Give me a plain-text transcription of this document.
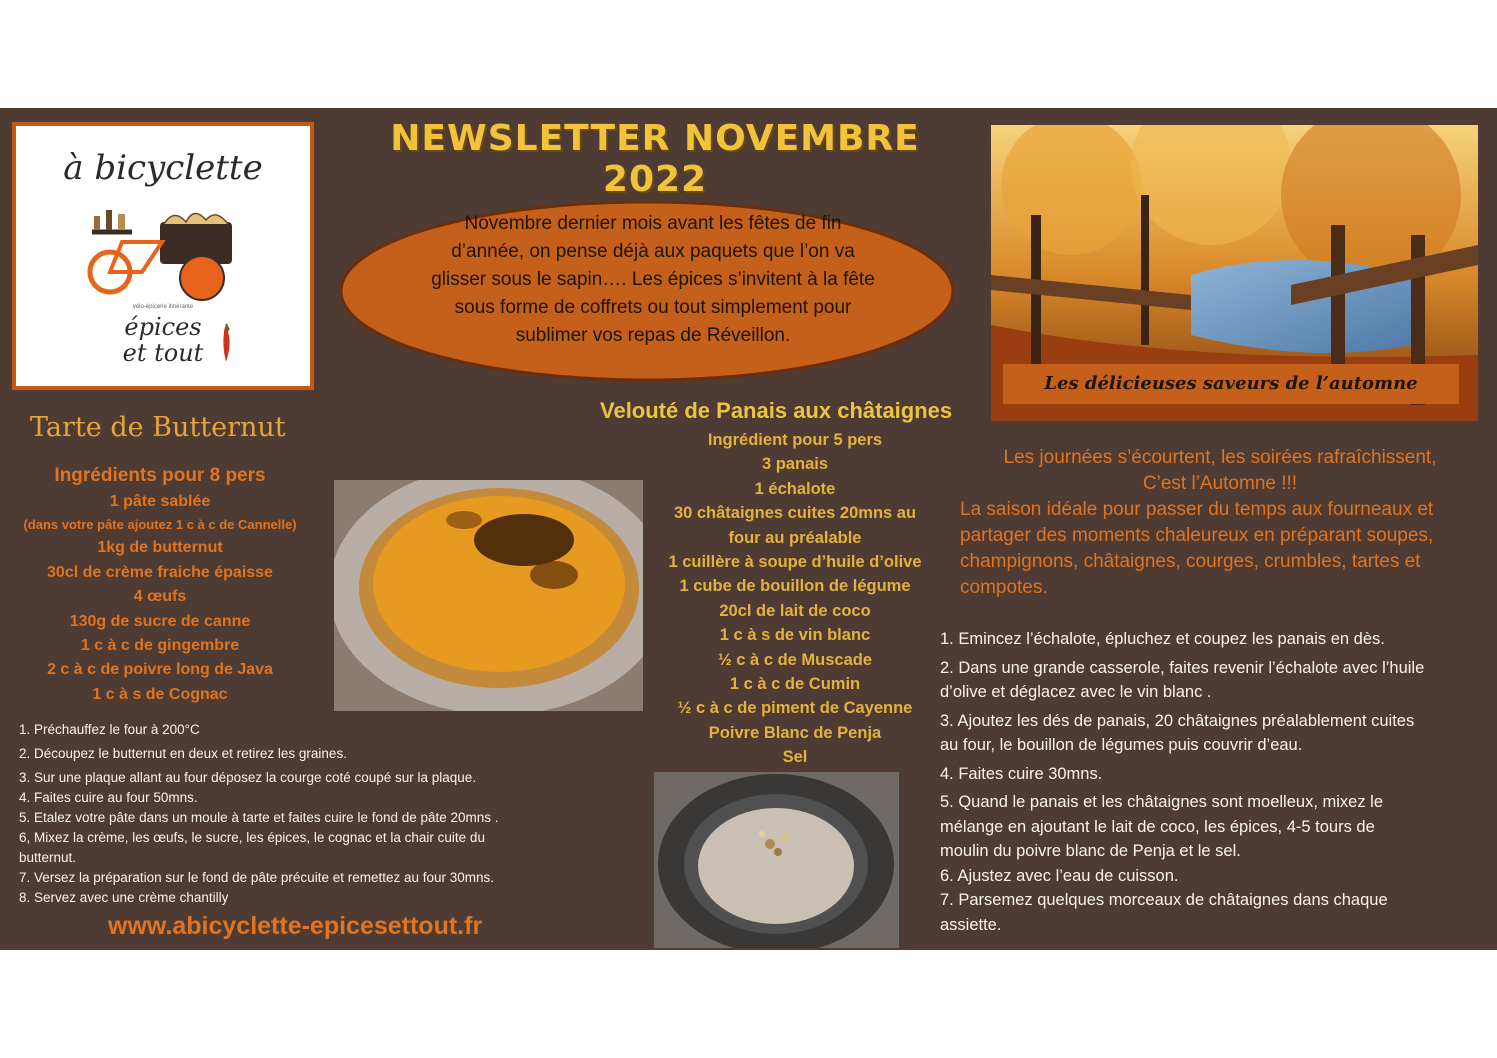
à bicyclette
vélo-épicerie itinérante
épices
et tout
NEWSLETTER NOVEMBRE 2022
Novembre dernier mois avant les fêtes de fin
d’année, on pense déjà aux paquets que l’on va
glisser sous le sapin…. Les épices s’invitent à la fête
sous forme de coffrets ou tout simplement pour
sublimer vos repas de Réveillon.
Les délicieuses saveurs de l’automne
Tarte de Butternut
Ingrédients pour 8 pers
1 pâte sablée
(dans votre pâte ajoutez 1 c à c de Cannelle)
1kg de butternut
30cl de crème fraiche épaisse
4 œufs
130g de sucre de canne
1 c à c de gingembre
2 c à c de poivre long de Java
1 c à s de Cognac
1. Préchauffez le four à 200°C
2. Découpez le butternut en deux et retirez les graines.
3. Sur une plaque allant au four déposez la courge coté coupé sur la plaque.
4. Faites cuire au four 50mns.
5. Etalez votre pâte dans un moule à tarte et faites cuire le fond de pâte 20mns .
6, Mixez la crème, les œufs, le sucre, les épices, le cognac et la chair cuite du
butternut.
7. Versez la préparation sur le fond de pâte précuite et remettez au four 30mns.
8. Servez avec une crème chantilly
www.abicyclette-epicesettout.fr
Velouté de Panais aux châtaignes
Ingrédient pour 5 pers
3 panais
1 échalote
30 châtaignes cuites 20mns au
four au préalable
1 cuillère à soupe d’huile d’olive
1 cube de bouillon de légume
20cl de lait de coco
1 c à s de vin blanc
½ c à c de Muscade
1 c à c de Cumin
½ c à c de piment de Cayenne
Poivre Blanc de Penja
Sel
Les journées s’écourtent, les soirées rafraîchissent,
C’est l’Automne !!!
La saison idéale pour passer du temps aux fourneaux et
partager des moments chaleureux en préparant soupes,
champignons, châtaignes, courges, crumbles, tartes et
compotes.
1. Emincez l’échalote, épluchez et coupez les panais en dès.
2. Dans une grande casserole, faites revenir l’échalote avec l’huile
d’olive et déglacez avec le vin blanc .
3. Ajoutez les dés de panais, 20 châtaignes préalablement cuites
au four, le bouillon de légumes puis couvrir d’eau.
4. Faites cuire 30mns.
5. Quand le panais et les châtaignes sont moelleux, mixez le
mélange en ajoutant le lait de coco, les épices, 4-5 tours de
moulin du poivre blanc de Penja et le sel.
6. Ajustez avec l’eau de cuisson.
7. Parsemez quelques morceaux de châtaignes dans chaque
assiette.
